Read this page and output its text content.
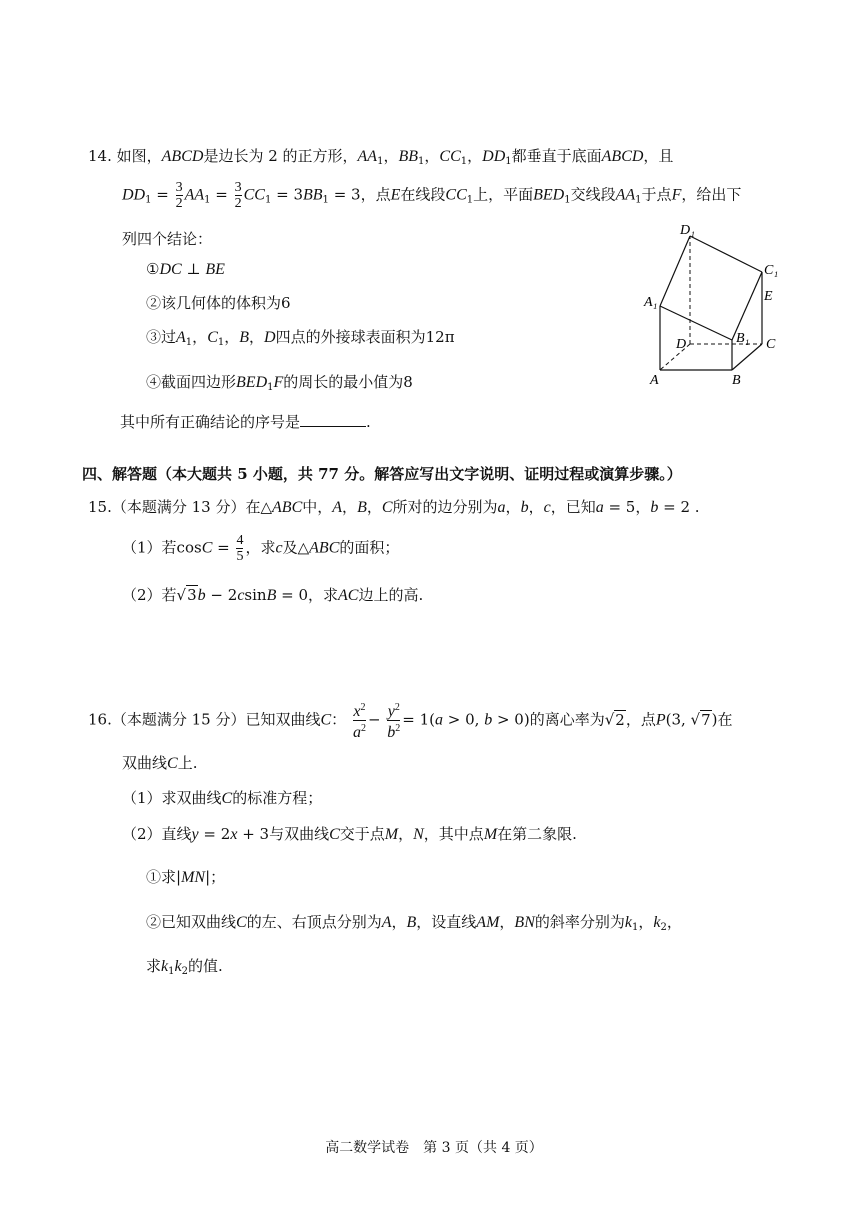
14. 如图，ABCD是边长为 2 的正方形，$AA_1$，$BB_1$，$CC_1$，$DD_1$都垂直于底面ABCD，且
$DD_1 = \frac{3}{2} AA_1 = \frac{3}{2} CC_1 = 3BB_1 = 3$，点E在线段$CC_1$上，平面$BED_1$交线段$AA_1$于点F，给出下
列四个结论：
①DC ⊥ BE
②该几何体的体积为6
③过$A_1$，$C_1$，B，D四点的外接球表面积为12π
④截面四边形$BED_1F$的周长的最小值为8
其中所有正确结论的序号是	.
D₁
C₁
E
A₁
B₁
D	C
A	B
四、解答题（本大题共 5 小题，共 77 分。解答应写出文字说明、证明过程或演算步骤。）
15.（本题满分 13 分）在△ABC中，A，B，C所对的边分别为a，b，c，已知a = 5，b = 2 .
（1）若$\cos C = \frac{4}{5}$ ，求c及△ABC的面积；
（2）若√3b − 2csinB = 0，求AC边上的高.
16.（本题满分 15 分）已知双曲线C： $\frac{x^2}{a^2} - \frac{y^2}{b^2} = 1(a > 0$, b > 0)的离心率为√2，点P(3, √7)在
双曲线C上.
（1）求双曲线C的标准方程；
（2）直线y = 2x + 3与双曲线C交于点M，N，其中点M在第二象限.
①求|MN|；
②已知双曲线C的左、右顶点分别为A，B，设直线AM，BN的斜率分别为$k_1$，$k_2$，
求$k_1k_2$的值.
高二数学试卷　第 3 页（共 4 页）
